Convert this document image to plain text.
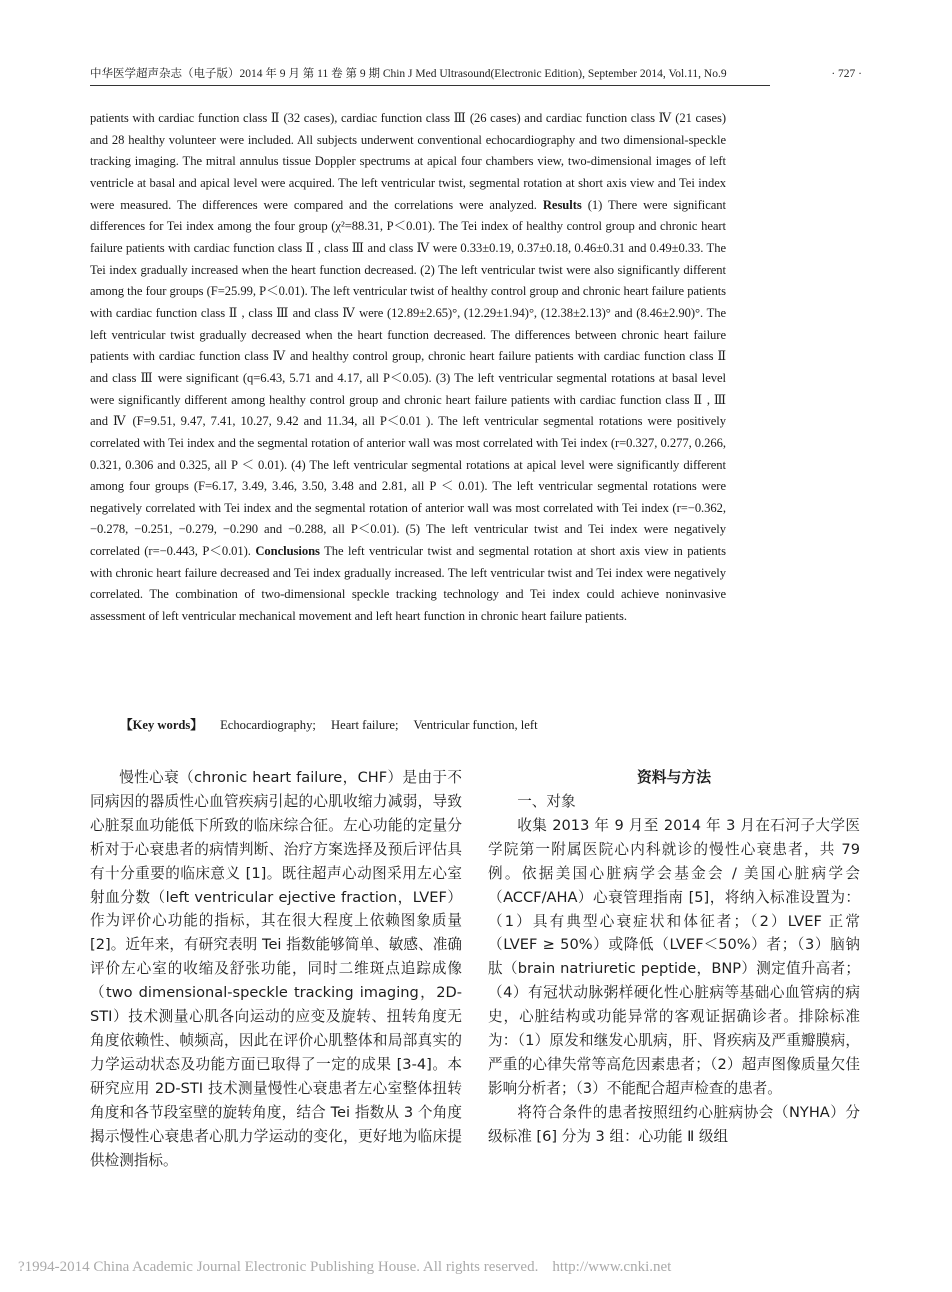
中华医学超声杂志（电子版）2014 年 9 月 第 11 卷 第 9 期 Chin J Med Ultrasound(Electronic Edition), September 2014, Vol.11, No.9	· 727 ·

patients with cardiac function class Ⅱ (32 cases), cardiac function class Ⅲ (26 cases) and cardiac function class Ⅳ (21 cases) and 28 healthy volunteer were included. All subjects underwent conventional echocardiography and two dimensional-speckle tracking imaging. The mitral annulus tissue Doppler spectrums at apical four chambers view, two-dimensional images of left ventricle at basal and apical level were acquired. The left ventricular twist, segmental rotation at short axis view and Tei index were measured. The differences were compared and the correlations were analyzed. Results (1) There were significant differences for Tei index among the four group (χ²=88.31, P＜0.01). The Tei index of healthy control group and chronic heart failure patients with cardiac function class Ⅱ , class Ⅲ and class Ⅳ were 0.33±0.19, 0.37±0.18, 0.46±0.31 and 0.49±0.33. The Tei index gradually increased when the heart function decreased. (2) The left ventricular twist were also significantly different among the four groups (F=25.99, P＜0.01). The left ventricular twist of healthy control group and chronic heart failure patients with cardiac function class Ⅱ , class Ⅲ and class Ⅳ were (12.89±2.65)°, (12.29±1.94)°, (12.38±2.13)° and (8.46±2.90)°. The left ventricular twist gradually decreased when the heart function decreased. The differences between chronic heart failure patients with cardiac function class Ⅳ and healthy control group, chronic heart failure patients with cardiac function class Ⅱ and class Ⅲ were significant (q=6.43, 5.71 and 4.17, all P＜0.05). (3) The left ventricular segmental rotations at basal level were significantly different among healthy control group and chronic heart failure patients with cardiac function class Ⅱ , Ⅲ and Ⅳ (F=9.51, 9.47, 7.41, 10.27, 9.42 and 11.34, all P＜0.01 ). The left ventricular segmental rotations were positively correlated with Tei index and the segmental rotation of anterior wall was most correlated with Tei index (r=0.327, 0.277, 0.266, 0.321, 0.306 and 0.325, all P ＜ 0.01). (4) The left ventricular segmental rotations at apical level were significantly different among four groups (F=6.17, 3.49, 3.46, 3.50, 3.48 and 2.81, all P ＜ 0.01). The left ventricular segmental rotations were negatively correlated with Tei index and the segmental rotation of anterior wall was most correlated with Tei index (r=−0.362, −0.278, −0.251, −0.279, −0.290 and −0.288, all P＜0.01). (5) The left ventricular twist and Tei index were negatively correlated (r=−0.443, P＜0.01). Conclusions The left ventricular twist and segmental rotation at short axis view in patients with chronic heart failure decreased and Tei index gradually increased. The left ventricular twist and Tei index were negatively correlated. The combination of two-dimensional speckle tracking technology and Tei index could achieve noninvasive assessment of left ventricular mechanical movement and left heart function in chronic heart failure patients.

【Key words】 Echocardiography; Heart failure; Ventricular function, left

慢性心衰（chronic heart failure，CHF）是由于不同病因的器质性心血管疾病引起的心肌收缩力减弱，导致心脏泵血功能低下所致的临床综合征。左心功能的定量分析对于心衰患者的病情判断、治疗方案选择及预后评估具有十分重要的临床意义 [1]。既往超声心动图采用左心室射血分数（left ventricular ejective fraction，LVEF）作为评价心功能的指标，其在很大程度上依赖图象质量 [2]。近年来，有研究表明 Tei 指数能够简单、敏感、准确评价左心室的收缩及舒张功能，同时二维斑点追踪成像（two dimensional-speckle tracking imaging，2D-STI）技术测量心肌各向运动的应变及旋转、扭转角度无角度依赖性、帧频高，因此在评价心肌整体和局部真实的力学运动状态及功能方面已取得了一定的成果 [3-4]。本研究应用 2D-STI 技术测量慢性心衰患者左心室整体扭转角度和各节段室壁的旋转角度，结合 Tei 指数从 3 个角度揭示慢性心衰患者心肌力学运动的变化，更好地为临床提供检测指标。

资料与方法

一、对象

收集 2013 年 9 月至 2014 年 3 月在石河子大学医学院第一附属医院心内科就诊的慢性心衰患者，共 79 例。依据美国心脏病学会基金会 / 美国心脏病学会（ACCF/AHA）心衰管理指南 [5]，将纳入标准设置为：（1）具有典型心衰症状和体征者；（2）LVEF 正常（LVEF ≥ 50%）或降低（LVEF＜50%）者；（3）脑钠肽（brain natriuretic peptide，BNP）测定值升高者；（4）有冠状动脉粥样硬化性心脏病等基础心血管病的病史，心脏结构或功能异常的客观证据确诊者。排除标准为：（1）原发和继发心肌病，肝、肾疾病及严重瓣膜病，严重的心律失常等高危因素患者；（2）超声图像质量欠佳影响分析者；（3）不能配合超声检查的患者。

将符合条件的患者按照纽约心脏病协会（NYHA）分级标准 [6] 分为 3 组：心功能 Ⅱ 级组

?1994-2014 China Academic Journal Electronic Publishing House. All rights reserved. http://www.cnki.net
